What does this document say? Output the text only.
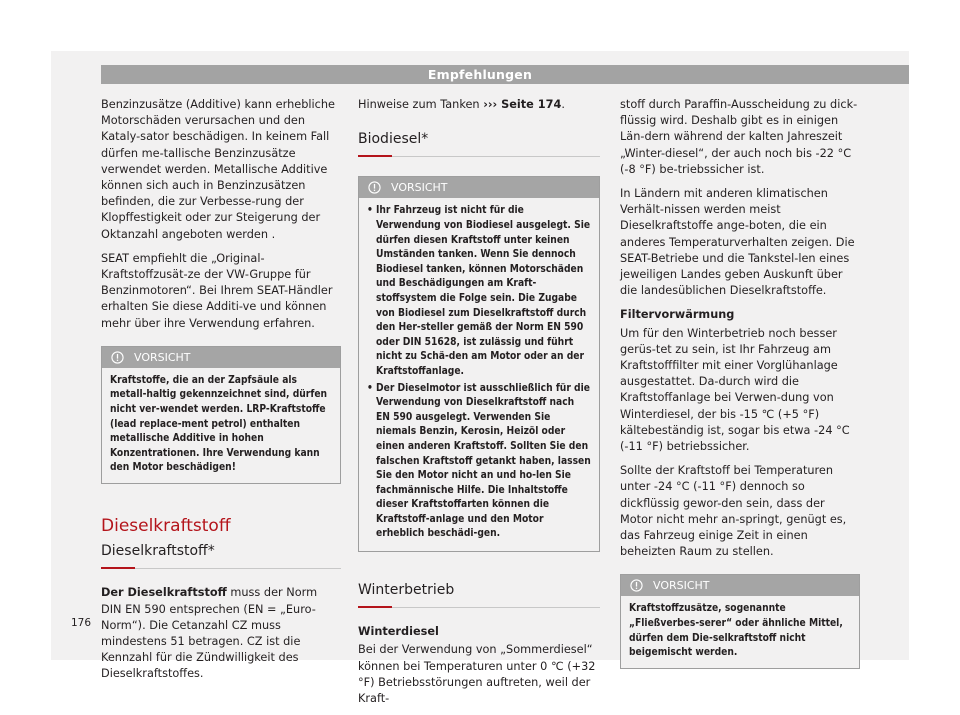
Empfehlungen

Benzinzusätze (Additive) kann erhebliche Motorschäden verursachen und den Kataly-sator beschädigen. In keinem Fall dürfen me-tallische Benzinzusätze verwendet werden. Metallische Additive können sich auch in Benzinzusätzen befinden, die zur Verbesse-rung der Klopffestigkeit oder zur Steigerung der Oktanzahl angeboten werden .

SEAT empfiehlt die „Original-Kraftstoffzusät-ze der VW-Gruppe für Benzinmotoren“. Bei Ihrem SEAT-Händler erhalten Sie diese Additi-ve und können mehr über ihre Verwendung erfahren.

VORSICHT
Kraftstoffe, die an der Zapfsäule als metall-haltig gekennzeichnet sind, dürfen nicht ver-wendet werden. LRP-Kraftstoffe (lead replace-ment petrol) enthalten metallische Additive in hohen Konzentrationen. Ihre Verwendung kann den Motor beschädigen!
Dieselkraftstoff
Dieselkraftstoff*

Der Dieselkraftstoff muss der Norm DIN EN 590 entsprechen (EN = „Euro-Norm“). Die Cetanzahl CZ muss mindestens 51 betragen. CZ ist die Kennzahl für die Zündwilligkeit des Dieselkraftstoffes.

Hinweise zum Tanken ››› Seite 174.

Biodiesel*
VORSICHT
• Ihr Fahrzeug ist nicht für die Verwendung von Biodiesel ausgelegt. Sie dürfen diesen Kraftstoff unter keinen Umständen tanken. Wenn Sie dennoch Biodiesel tanken, können Motorschäden und Beschädigungen am Kraft-stoffsystem die Folge sein. Die Zugabe von Biodiesel zum Dieselkraftstoff durch den Her-steller gemäß der Norm EN 590 oder DIN 51628, ist zulässig und führt nicht zu Schä-den am Motor oder an der Kraftstoffanlage.
• Der Dieselmotor ist ausschließlich für die Verwendung von Dieselkraftstoff nach EN 590 ausgelegt. Verwenden Sie niemals Benzin, Kerosin, Heizöl oder einen anderen Kraftstoff. Sollten Sie den falschen Kraftstoff getankt haben, lassen Sie den Motor nicht an und ho-len Sie fachmännische Hilfe. Die Inhaltstoffe dieser Kraftstoffarten können die Kraftstoff-anlage und den Motor erheblich beschädi-gen.
Winterbetrieb

Winterdiesel

Bei der Verwendung von „Sommerdiesel“ können bei Temperaturen unter 0 ℃ (+32 °F) Betriebsstörungen auftreten, weil der Kraft-

stoff durch Paraffin-Ausscheidung zu dick-flüssig wird. Deshalb gibt es in einigen Län-dern während der kalten Jahreszeit „Winter-diesel“, der auch noch bis -22 °C (-8 °F) be-triebssicher ist.

In Ländern mit anderen klimatischen Verhält-nissen werden meist Dieselkraftstoffe ange-boten, die ein anderes Temperaturverhalten zeigen. Die SEAT-Betriebe und die Tankstel-len eines jeweiligen Landes geben Auskunft über die landesüblichen Dieselkraftstoffe.

Filtervorwärmung

Um für den Winterbetrieb noch besser gerüs-tet zu sein, ist Ihr Fahrzeug am Kraftstofffilter mit einer Vorglühanlage ausgestattet. Da-durch wird die Kraftstoffanlage bei Verwen-dung von Winterdiesel, der bis -15 ℃ (+5 °F) kältebeständig ist, sogar bis etwa -24 °C (-11 °F) betriebssicher.

Sollte der Kraftstoff bei Temperaturen unter -24 °C (-11 °F) dennoch so dickflüssig gewor-den sein, dass der Motor nicht mehr an-springt, genügt es, das Fahrzeug einige Zeit in einen beheizten Raum zu stellen.

VORSICHT
Kraftstoffzusätze, sogenannte „Fließverbes-serer“ oder ähnliche Mittel, dürfen dem Die-selkraftstoff nicht beigemischt werden.
176
